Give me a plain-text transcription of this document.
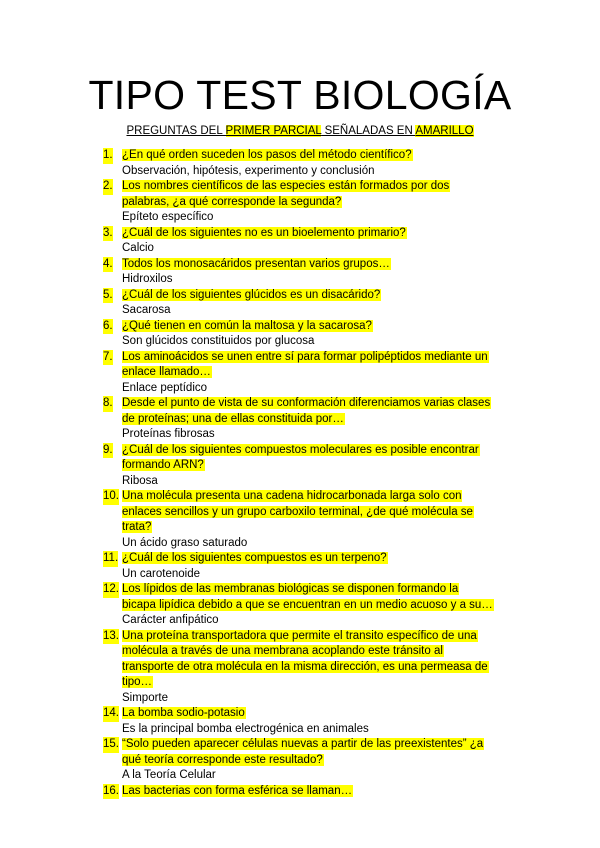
TIPO TEST BIOLOGÍA
PREGUNTAS DEL PRIMER PARCIAL SEÑALADAS EN AMARILLO
1. ¿En qué orden suceden los pasos del método científico?
Observación, hipótesis, experimento y conclusión
2. Los nombres científicos de las especies están formados por dos
palabras, ¿a qué corresponde la segunda?
Epíteto específico
3. ¿Cuál de los siguientes no es un bioelemento primario?
Calcio
4. Todos los monosacáridos presentan varios grupos…
Hidroxilos
5. ¿Cuál de los siguientes glúcidos es un disacárido?
Sacarosa
6. ¿Qué tienen en común la maltosa y la sacarosa?
Son glúcidos constituidos por glucosa
7. Los aminoácidos se unen entre sí para formar polipéptidos mediante un
enlace llamado…
Enlace peptídico
8. Desde el punto de vista de su conformación diferenciamos varias clases
de proteínas; una de ellas constituida por…
Proteínas fibrosas
9. ¿Cuál de los siguientes compuestos moleculares es posible encontrar
formando ARN?
Ribosa
10. Una molécula presenta una cadena hidrocarbonada larga solo con
enlaces sencillos y un grupo carboxilo terminal, ¿de qué molécula se
trata?
Un ácido graso saturado
11. ¿Cuál de los siguientes compuestos es un terpeno?
Un carotenoide
12. Los lípidos de las membranas biológicas se disponen formando la
bicapa lipídica debido a que se encuentran en un medio acuoso y a su…
Carácter anfipático
13. Una proteína transportadora que permite el transito específico de una
molécula a través de una membrana acoplando este tránsito al
transporte de otra molécula en la misma dirección, es una permeasa de
tipo…
Simporte
14. La bomba sodio-potasio
Es la principal bomba electrogénica en animales
15. “Solo pueden aparecer células nuevas a partir de las preexistentes” ¿a
qué teoría corresponde este resultado?
A la Teoría Celular
16. Las bacterias con forma esférica se llaman…
